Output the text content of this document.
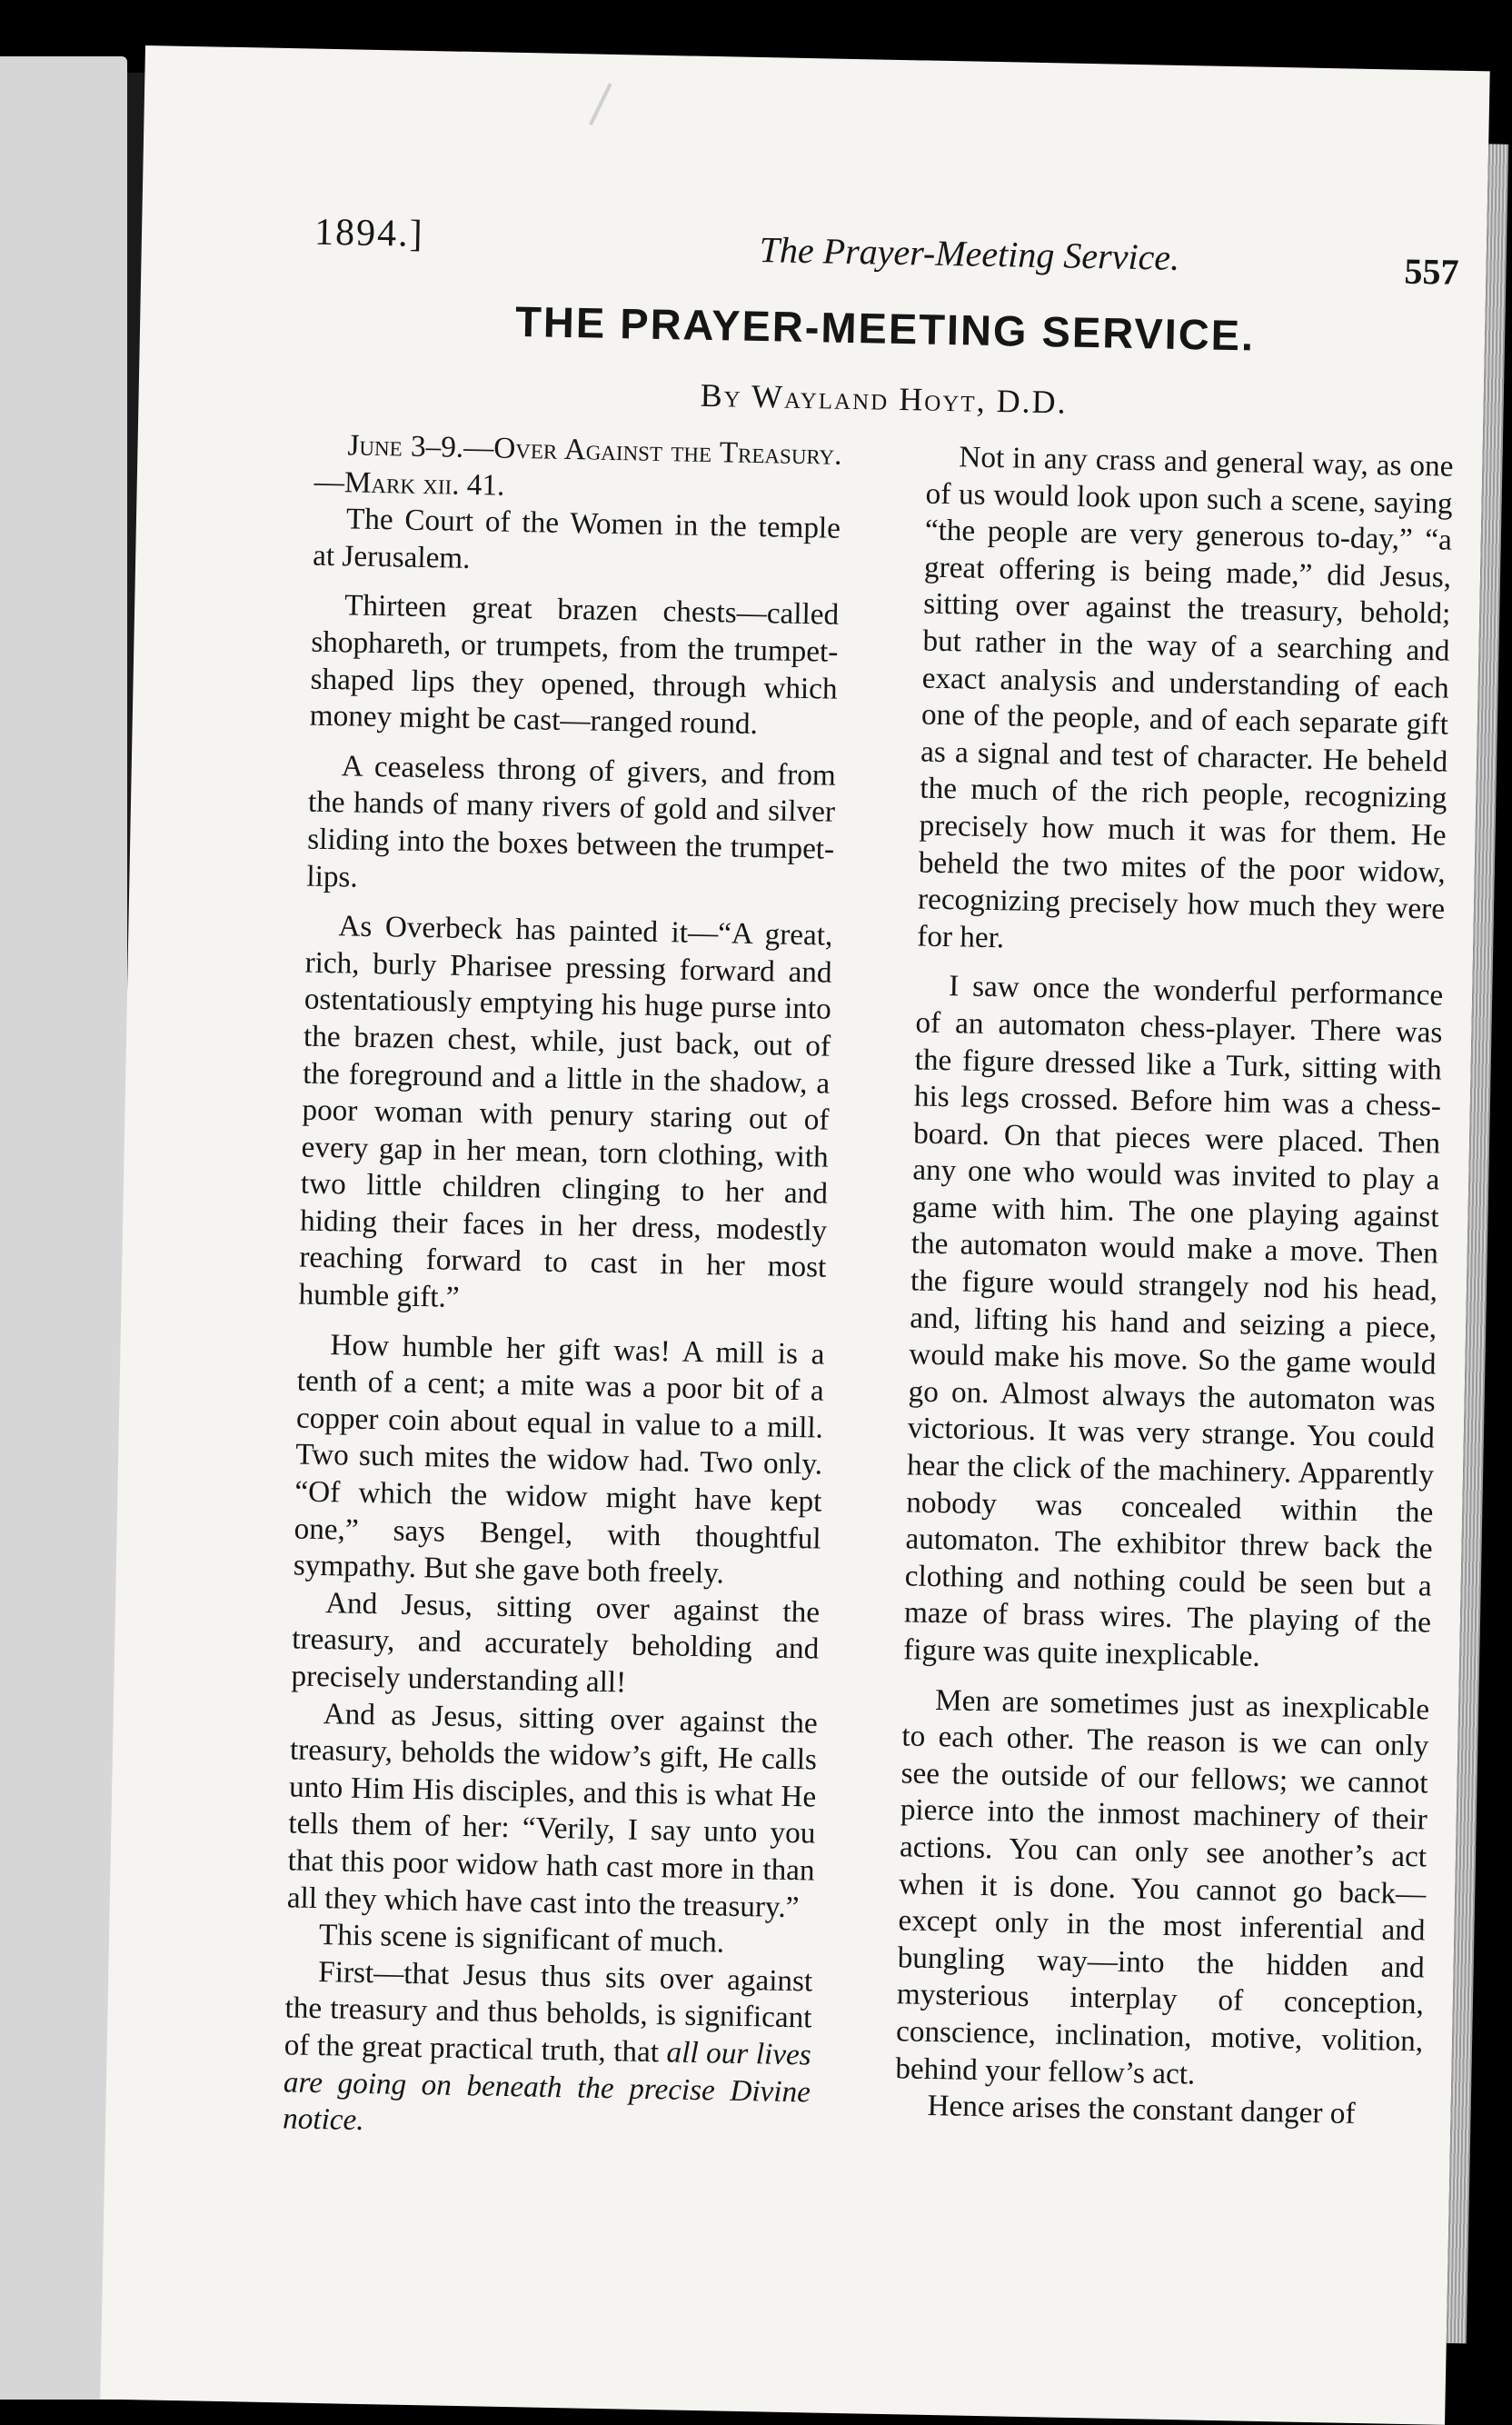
1894.]	The Prayer-Meeting Service.	557
THE PRAYER-MEETING SERVICE.
By Wayland Hoyt, D.D.

June 3–9.—Over Against the Treasury.—Mark xii. 41.

The Court of the Women in the temple at Jerusalem.

Thirteen great brazen chests—called shophareth, or trumpets, from the trumpet-shaped lips they opened, through which money might be cast—ranged round.

A ceaseless throng of givers, and from the hands of many rivers of gold and silver sliding into the boxes between the trumpet-lips.

As Overbeck has painted it—“A great, rich, burly Pharisee pressing forward and ostentatiously emptying his huge purse into the brazen chest, while, just back, out of the foreground and a little in the shadow, a poor woman with penury staring out of every gap in her mean, torn clothing, with two little children clinging to her and hiding their faces in her dress, modestly reaching forward to cast in her most humble gift.”

How humble her gift was! A mill is a tenth of a cent; a mite was a poor bit of a copper coin about equal in value to a mill. Two such mites the widow had. Two only. “Of which the widow might have kept one,” says Bengel, with thoughtful sympathy. But she gave both freely.

And Jesus, sitting over against the treasury, and accurately beholding and precisely understanding all!

And as Jesus, sitting over against the treasury, beholds the widow’s gift, He calls unto Him His disciples, and this is what He tells them of her: “Verily, I say unto you that this poor widow hath cast more in than all they which have cast into the treasury.”

This scene is significant of much.

First—that Jesus thus sits over against the treasury and thus beholds, is significant of the great practical truth, that all our lives are going on beneath the precise Divine notice.

Not in any crass and general way, as one of us would look upon such a scene, saying “the people are very generous to-day,” “a great offering is being made,” did Jesus, sitting over against the treasury, behold; but rather in the way of a searching and exact analysis and understanding of each one of the people, and of each separate gift as a signal and test of character. He beheld the much of the rich people, recognizing precisely how much it was for them. He beheld the two mites of the poor widow, recognizing precisely how much they were for her.

I saw once the wonderful performance of an automaton chess-player. There was the figure dressed like a Turk, sitting with his legs crossed. Before him was a chess-board. On that pieces were placed. Then any one who would was invited to play a game with him. The one playing against the automaton would make a move. Then the figure would strangely nod his head, and, lifting his hand and seizing a piece, would make his move. So the game would go on. Almost always the automaton was victorious. It was very strange. You could hear the click of the machinery. Apparently nobody was concealed within the automaton. The exhibitor threw back the clothing and nothing could be seen but a maze of brass wires. The playing of the figure was quite inexplicable.

Men are sometimes just as inexplicable to each other. The reason is we can only see the outside of our fellows; we cannot pierce into the inmost machinery of their actions. You can only see another’s act when it is done. You cannot go back—except only in the most inferential and bungling way—into the hidden and mysterious interplay of conception, conscience, inclination, motive, volition, behind your fellow’s act.

Hence arises the constant danger of
